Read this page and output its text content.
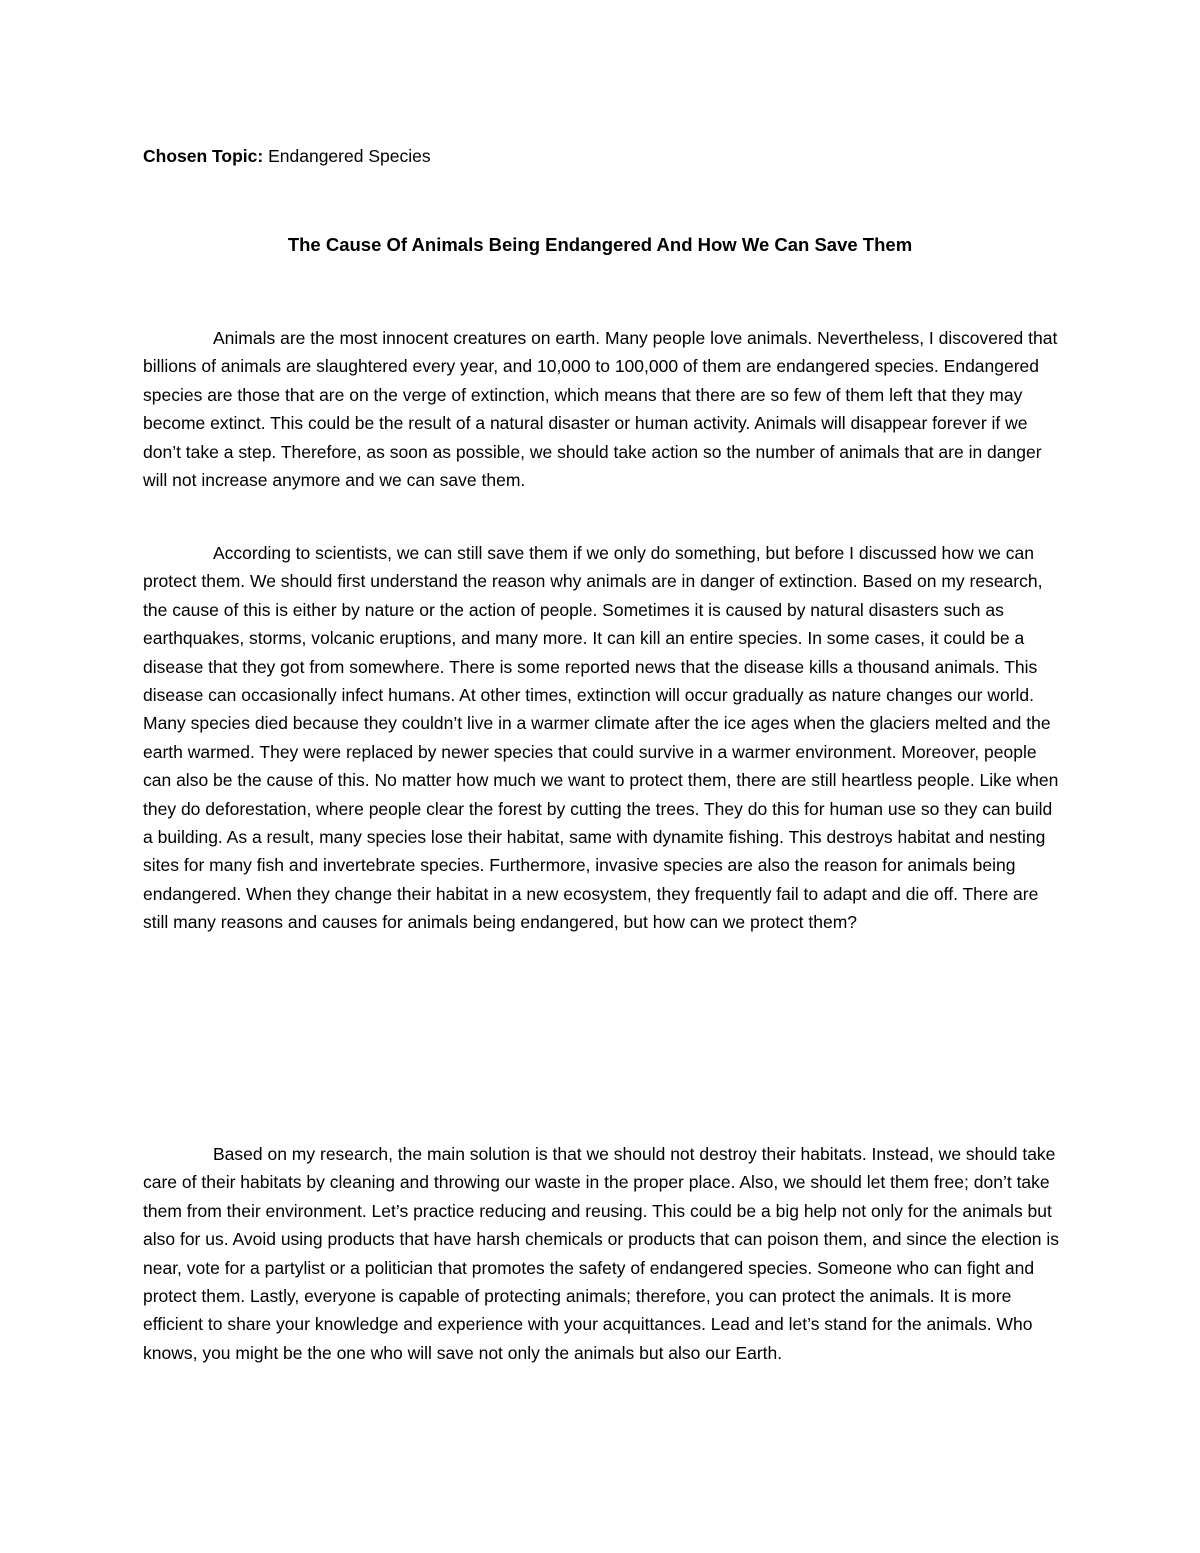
Chosen Topic: Endangered Species
The Cause Of Animals Being Endangered And How We Can Save Them

Animals are the most innocent creatures on earth. Many people love animals. Nevertheless, I discovered that billions of animals are slaughtered every year, and 10,000 to 100,000 of them are endangered species. Endangered species are those that are on the verge of extinction, which means that there are so few of them left that they may become extinct. This could be the result of a natural disaster or human activity. Animals will disappear forever if we don’t take a step. Therefore, as soon as possible, we should take action so the number of animals that are in danger will not increase anymore and we can save them.

According to scientists, we can still save them if we only do something, but before I discussed how we can protect them. We should first understand the reason why animals are in danger of extinction. Based on my research, the cause of this is either by nature or the action of people. Sometimes it is caused by natural disasters such as earthquakes, storms, volcanic eruptions, and many more. It can kill an entire species. In some cases, it could be a disease that they got from somewhere. There is some reported news that the disease kills a thousand animals. This disease can occasionally infect humans. At other times, extinction will occur gradually as nature changes our world. Many species died because they couldn’t live in a warmer climate after the ice ages when the glaciers melted and the earth warmed. They were replaced by newer species that could survive in a warmer environment. Moreover, people can also be the cause of this. No matter how much we want to protect them, there are still heartless people. Like when they do deforestation, where people clear the forest by cutting the trees. They do this for human use so they can build a building. As a result, many species lose their habitat, same with dynamite fishing. This destroys habitat and nesting sites for many fish and invertebrate species. Furthermore, invasive species are also the reason for animals being endangered. When they change their habitat in a new ecosystem, they frequently fail to adapt and die off. There are still many reasons and causes for animals being endangered, but how can we protect them?

Based on my research, the main solution is that we should not destroy their habitats. Instead, we should take care of their habitats by cleaning and throwing our waste in the proper place. Also, we should let them free; don’t take them from their environment. Let’s practice reducing and reusing. This could be a big help not only for the animals but also for us. Avoid using products that have harsh chemicals or products that can poison them, and since the election is near, vote for a partylist or a politician that promotes the safety of endangered species. Someone who can fight and protect them. Lastly, everyone is capable of protecting animals; therefore, you can protect the animals. It is more efficient to share your knowledge and experience with your acquittances. Lead and let’s stand for the animals. Who knows, you might be the one who will save not only the animals but also our Earth.
